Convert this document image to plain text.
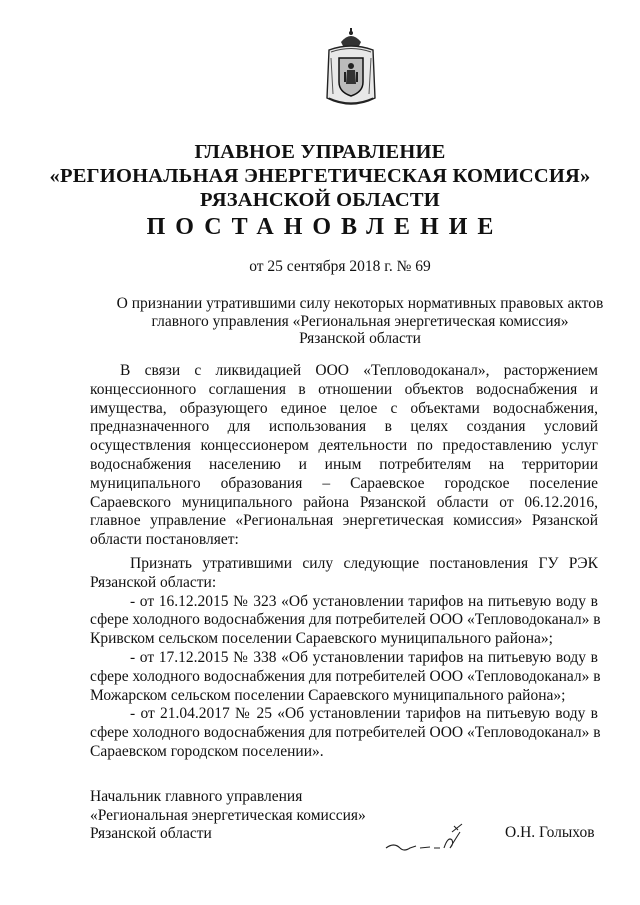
ГЛАВНОЕ УПРАВЛЕНИЕ
«РЕГИОНАЛЬНАЯ ЭНЕРГЕТИЧЕСКАЯ КОМИССИЯ»
РЯЗАНСКОЙ ОБЛАСТИ
ПОСТАНОВЛЕНИЕ
от 25 сентября 2018 г. № 69
О признании утратившими силу некоторых нормативных правовых актов
главного управления «Региональная энергетическая комиссия»
Рязанской области
В связи с ликвидацией ООО «Тепловодоканал», расторжением
концессионного соглашения в отношении объектов водоснабжения и
имущества, образующего единое целое с объектами водоснабжения,
предназначенного для использования в целях создания условий
осуществления концессионером деятельности по предоставлению услуг
водоснабжения населению и иным потребителям на территории
муниципального образования – Сараевское городское поселение
Сараевского муниципального района Рязанской области от 06.12.2016,
главное управление «Региональная энергетическая комиссия» Рязанской
области постановляет:
Признать утратившими силу следующие постановления ГУ РЭК
Рязанской области:
- от 16.12.2015 № 323 «Об установлении тарифов на питьевую воду в
сфере холодного водоснабжения для потребителей ООО «Тепловодоканал» в
Кривском сельском поселении Сараевского муниципального района»;
- от 17.12.2015 № 338 «Об установлении тарифов на питьевую воду в
сфере холодного водоснабжения для потребителей ООО «Тепловодоканал» в
Можарском сельском поселении Сараевского муниципального района»;
- от 21.04.2017 № 25 «Об установлении тарифов на питьевую воду в
сфере холодного водоснабжения для потребителей ООО «Тепловодоканал» в
Сараевском городском поселении».
Начальник главного управления
«Региональная энергетическая комиссия»
Рязанской области	О.Н. Голыхов
